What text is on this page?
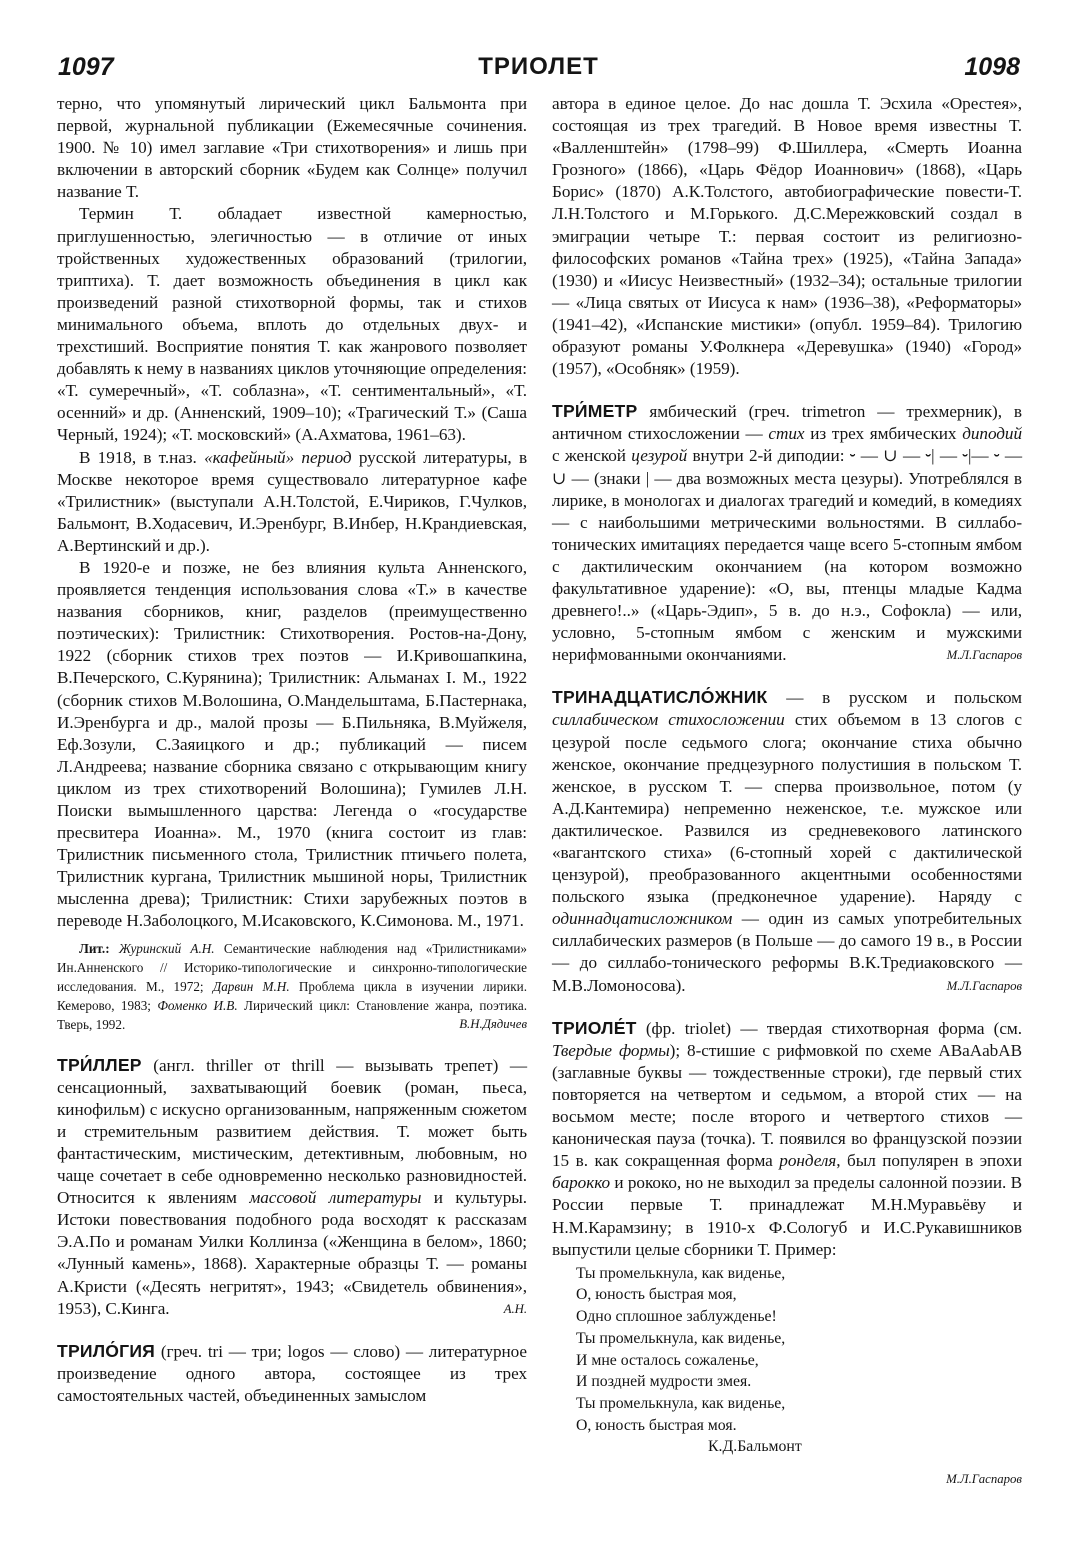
1097	ТРИОЛЕТ	1098

терно, что упомянутый лирический цикл Бальмонта при первой, журнальной публикации (Ежемесячные сочинения. 1900. № 10) имел заглавие «Три стихотворения» и лишь при включении в авторский сборник «Будем как Солнце» получил название Т.

Термин Т. обладает известной камерностью, приглушенностью, элегичностью — в отличие от иных тройственных художественных образований (трилогии, триптиха). Т. дает возможность объединения в цикл как произведений разной стихотворной формы, так и стихов минимального объема, вплоть до отдельных двух- и трехстиший. Восприятие понятия Т. как жанрового позволяет добавлять к нему в названиях циклов уточняющие определения: «Т. сумеречный», «Т. соблазна», «Т. сентиментальный», «Т. осенний» и др. (Анненский, 1909–10); «Трагический Т.» (Саша Черный, 1924); «Т. московский» (А.Ахматова, 1961–63).

В 1918, в т.наз. «кафейный» период русской литературы, в Москве некоторое время существовало литературное кафе «Трилистник» (выступали А.Н.Толстой, Е.Чириков, Г.Чулков, Бальмонт, В.Ходасевич, И.Эренбург, В.Инбер, Н.Крандиевская, А.Вертинский и др.).

В 1920-е и позже, не без влияния культа Анненского, проявляется тенденция использования слова «Т.» в качестве названия сборников, книг, разделов (преимущественно поэтических): Трилистник: Стихотворения. Ростов-на-Дону, 1922 (сборник стихов трех поэтов — И.Кривошапкина, В.Печерского, С.Курянина); Трилистник: Альманах I. М., 1922 (сборник стихов М.Волошина, О.Мандельштама, Б.Пастернака, И.Эренбурга и др., малой прозы — Б.Пильняка, В.Муйжеля, Еф.Зозули, С.Заяицкого и др.; публикаций — писем Л.Андреева; название сборника связано с открывающим книгу циклом из трех стихотворений Волошина); Гумилев Л.Н. Поиски вымышленного царства: Легенда о «государстве пресвитера Иоанна». М., 1970 (книга состоит из глав: Трилистник письменного стола, Трилистник птичьего полета, Трилистник кургана, Трилистник мышиной норы, Трилистник мысленна древа); Трилистник: Стихи зарубежных поэтов в переводе Н.Заболоцкого, М.Исаковского, К.Симонова. М., 1971.

Лит.: Журинский А.Н. Семантические наблюдения над «Трилистниками» Ин.Анненского // Историко-типологические и синхронно-типологические исследования. М., 1972; Дарвин М.Н. Проблема цикла в изучении лирики. Кемерово, 1983; Фоменко И.В. Лирический цикл: Становление жанра, поэтика. Тверь, 1992.	В.Н.Дядичев

ТРИ́ЛЛЕР (англ. thriller от thrill — вызывать трепет) — сенсационный, захватывающий боевик (роман, пьеса, кинофильм) с искусно организованным, напряженным сюжетом и стремительным развитием действия. Т. может быть фантастическим, мистическим, детективным, любовным, но чаще сочетает в себе одновременно несколько разновидностей. Относится к явлениям массовой литературы и культуры. Истоки повествования подобного рода восходят к рассказам Э.А.По и романам Уилки Коллинза («Женщина в белом», 1860; «Лунный камень», 1868). Характерные образцы Т. — романы А.Кристи («Десять негритят», 1943; «Свидетель обвинения», 1953), С.Кинга.	А.Н.

ТРИЛО́ГИЯ (греч. tri — три; logos — слово) — литературное произведение одного автора, состоящее из трех самостоятельных частей, объединенных замыслом

автора в единое целое. До нас дошла Т. Эсхила «Орестея», состоящая из трех трагедий. В Новое время известны Т. «Валленштейн» (1798–99) Ф.Шиллера, «Смерть Иоанна Грозного» (1866), «Царь Фёдор Иоаннович» (1868), «Царь Борис» (1870) А.К.Толстого, автобиографические повести-Т. Л.Н.Толстого и М.Горького. Д.С.Мережковский создал в эмиграции четыре Т.: первая состоит из религиозно-философских романов «Тайна трех» (1925), «Тайна Запада» (1930) и «Иисус Неизвестный» (1932–34); остальные трилогии — «Лица святых от Иисуса к нам» (1936–38), «Реформаторы» (1941–42), «Испанские мистики» (опубл. 1959–84). Трилогию образуют романы У.Фолкнера «Деревушка» (1940) «Город» (1957), «Особняк» (1959).

ТРИ́МЕТР ямбический (греч. trimetron — трехмерник), в античном стихосложении — стих из трех ямбических диподий с женской цезурой внутри 2-й диподии: ⏑ — ∪ — ⏑| — ⏑|— ⏑ — ∪ — (знаки | — два возможных места цезуры). Употреблялся в лирике, в монологах и диалогах трагедий и комедий, в комедиях — с наибольшими метрическими вольностями. В силлабо-тонических имитациях передается чаще всего 5-стопным ямбом с дактилическим окончанием (на котором возможно факультативное ударение): «О, вы, птенцы младые Кадма древнего!..» («Царь-Эдип», 5 в. до н.э., Софокла) — или, условно, 5-стопным ямбом с женским и мужскими нерифмованными окончаниями.	М.Л.Гаспаров

ТРИНАДЦАТИСЛО́ЖНИК — в русском и польском силлабическом стихосложении стих объемом в 13 слогов с цезурой после седьмого слога; окончание стиха обычно женское, окончание предцезурного полустишия в польском Т. женское, в русском Т. — сперва произвольное, потом (у А.Д.Кантемира) непременно неженское, т.е. мужское или дактилическое. Развился из средневекового латинского «вагантского стиха» (6-стопный хорей с дактилической цензурой), преобразованного акцентными особенностями польского языка (предконечное ударение). Наряду с одиннадцатисложником — один из самых употребительных силлабических размеров (в Польше — до самого 19 в., в России — до силлабо-тонического реформы В.К.Тредиаковского — М.В.Ломоносова).	М.Л.Гаспаров

ТРИОЛЕ́Т (фр. triolet) — твердая стихотворная форма (см. Твердые формы); 8-стишие с рифмовкой по схеме ABaAabAB (заглавные буквы — тождественные строки), где первый стих повторяется на четвертом и седьмом, а второй стих — на восьмом месте; после второго и четвертого стихов — каноническая пауза (точка). Т. появился во французской поэзии 15 в. как сокращенная форма ронделя, был популярен в эпохи барокко и рококо, но не выходил за пределы салонной поэзии. В России первые Т. принадлежат М.Н.Муравьёву и Н.М.Карамзину; в 1910-х Ф.Сологуб и И.С.Рукавишников выпустили целые сборники Т. Пример:

Ты промелькнула, как виденье,
О, юность быстрая моя,
Одно сплошное заблужденье!
Ты промелькнула, как виденье,
И мне осталось сожаленье,
И поздней мудрости змея.
Ты промелькнула, как виденье,
О, юность быстрая моя.
К.Д.Бальмонт
М.Л.Гаспаров
